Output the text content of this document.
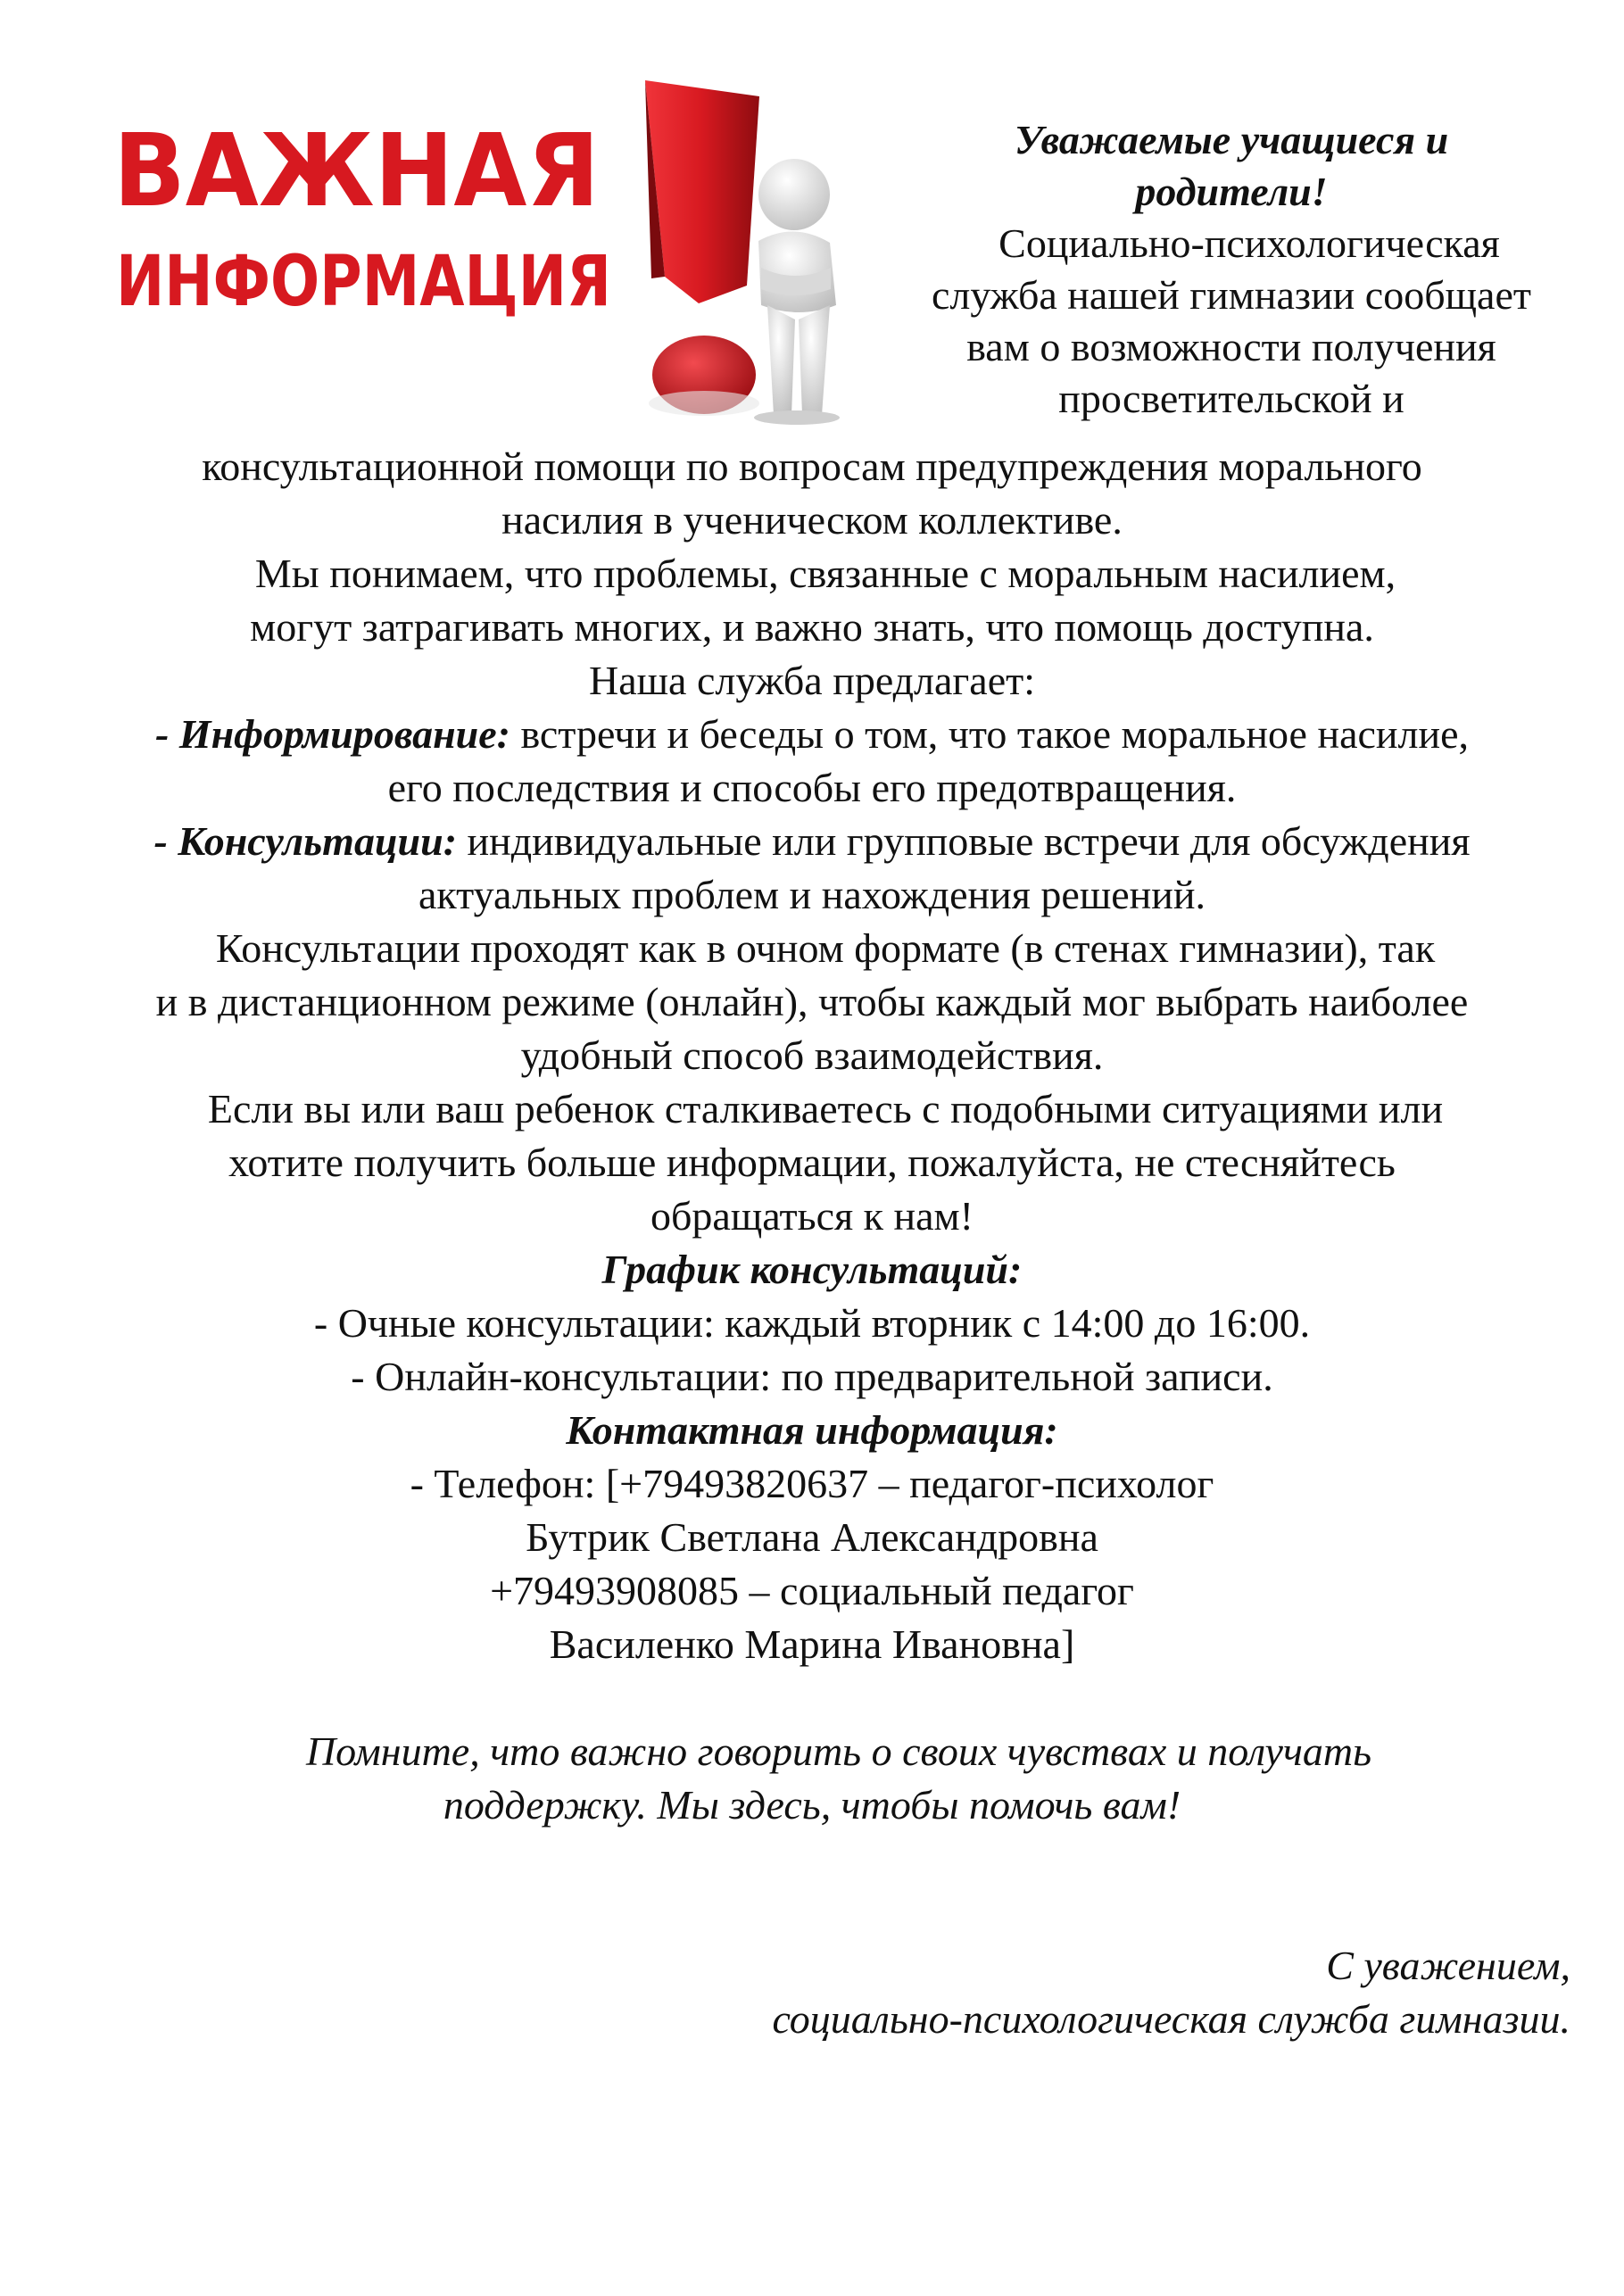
ВАЖНАЯ
ИНФОРМАЦИЯ
Уважаемые учащиеся и
родители!
Социально-психологическая
служба нашей гимназии сообщает
вам о возможности получения
просветительской и
консультационной помощи по вопросам предупреждения морального
насилия в ученическом коллективе.
Мы понимаем, что проблемы, связанные с моральным насилием,
могут затрагивать многих, и важно знать, что помощь доступна.
Наша служба предлагает:
- Информирование: встречи и беседы о том, что такое моральное насилие,
его последствия и способы его предотвращения.
- Консультации: индивидуальные или групповые встречи для обсуждения
актуальных проблем и нахождения решений.
Консультации проходят как в очном формате (в стенах гимназии), так
и в дистанционном режиме (онлайн), чтобы каждый мог выбрать наиболее
удобный способ взаимодействия.
Если вы или ваш ребенок сталкиваетесь с подобными ситуациями или
хотите получить больше информации, пожалуйста, не стесняйтесь
обращаться к нам!
График консультаций:
- Очные консультации: каждый вторник с 14:00 до 16:00.
- Онлайн-консультации: по предварительной записи.
Контактная информация:
- Телефон: [+79493820637 – педагог-психолог
Бутрик Светлана Александровна
+79493908085 – социальный педагог
Василенко Марина Ивановна]
Помните, что важно говорить о своих чувствах и получать
поддержку. Мы здесь, чтобы помочь вам!
С уважением,
социально-психологическая служба гимназии.
